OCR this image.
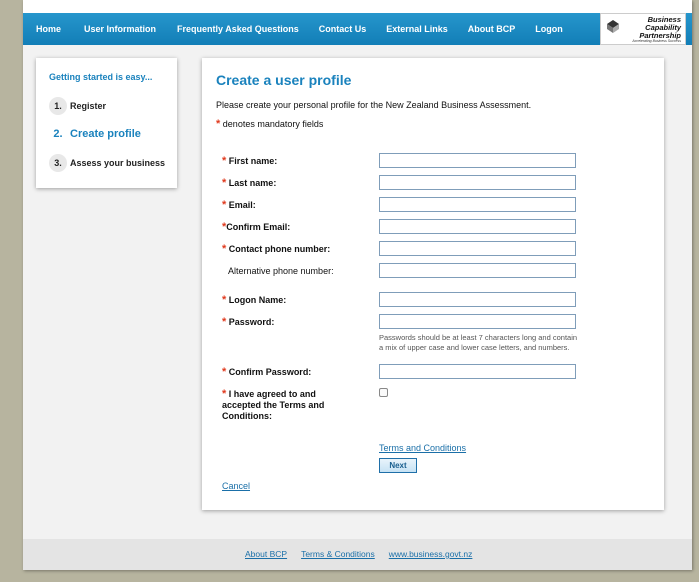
Home	User Information Frequently Asked Questions Contact Us External Links About BCP Logon
Business
Capability
Partnership
Accelerating Business Success
Getting started is easy...
1. Register
2. Create profile
3. Assess your business
Create a user profile
Please create your personal profile for the New Zealand Business Assessment.
* denotes mandatory fields
* First name:
* Last name:
* Email:
*Confirm Email:
* Contact phone number:
Alternative phone number:
* Logon Name:
* Password:
Passwords should be at least 7 characters long and contain a mix of upper case and lower case letters, and numbers.
* Confirm Password:
* I have agreed to and accepted the Terms and Conditions:
Terms and Conditions
Next
Cancel
About BCP Terms & Conditions www.business.govt.nz
